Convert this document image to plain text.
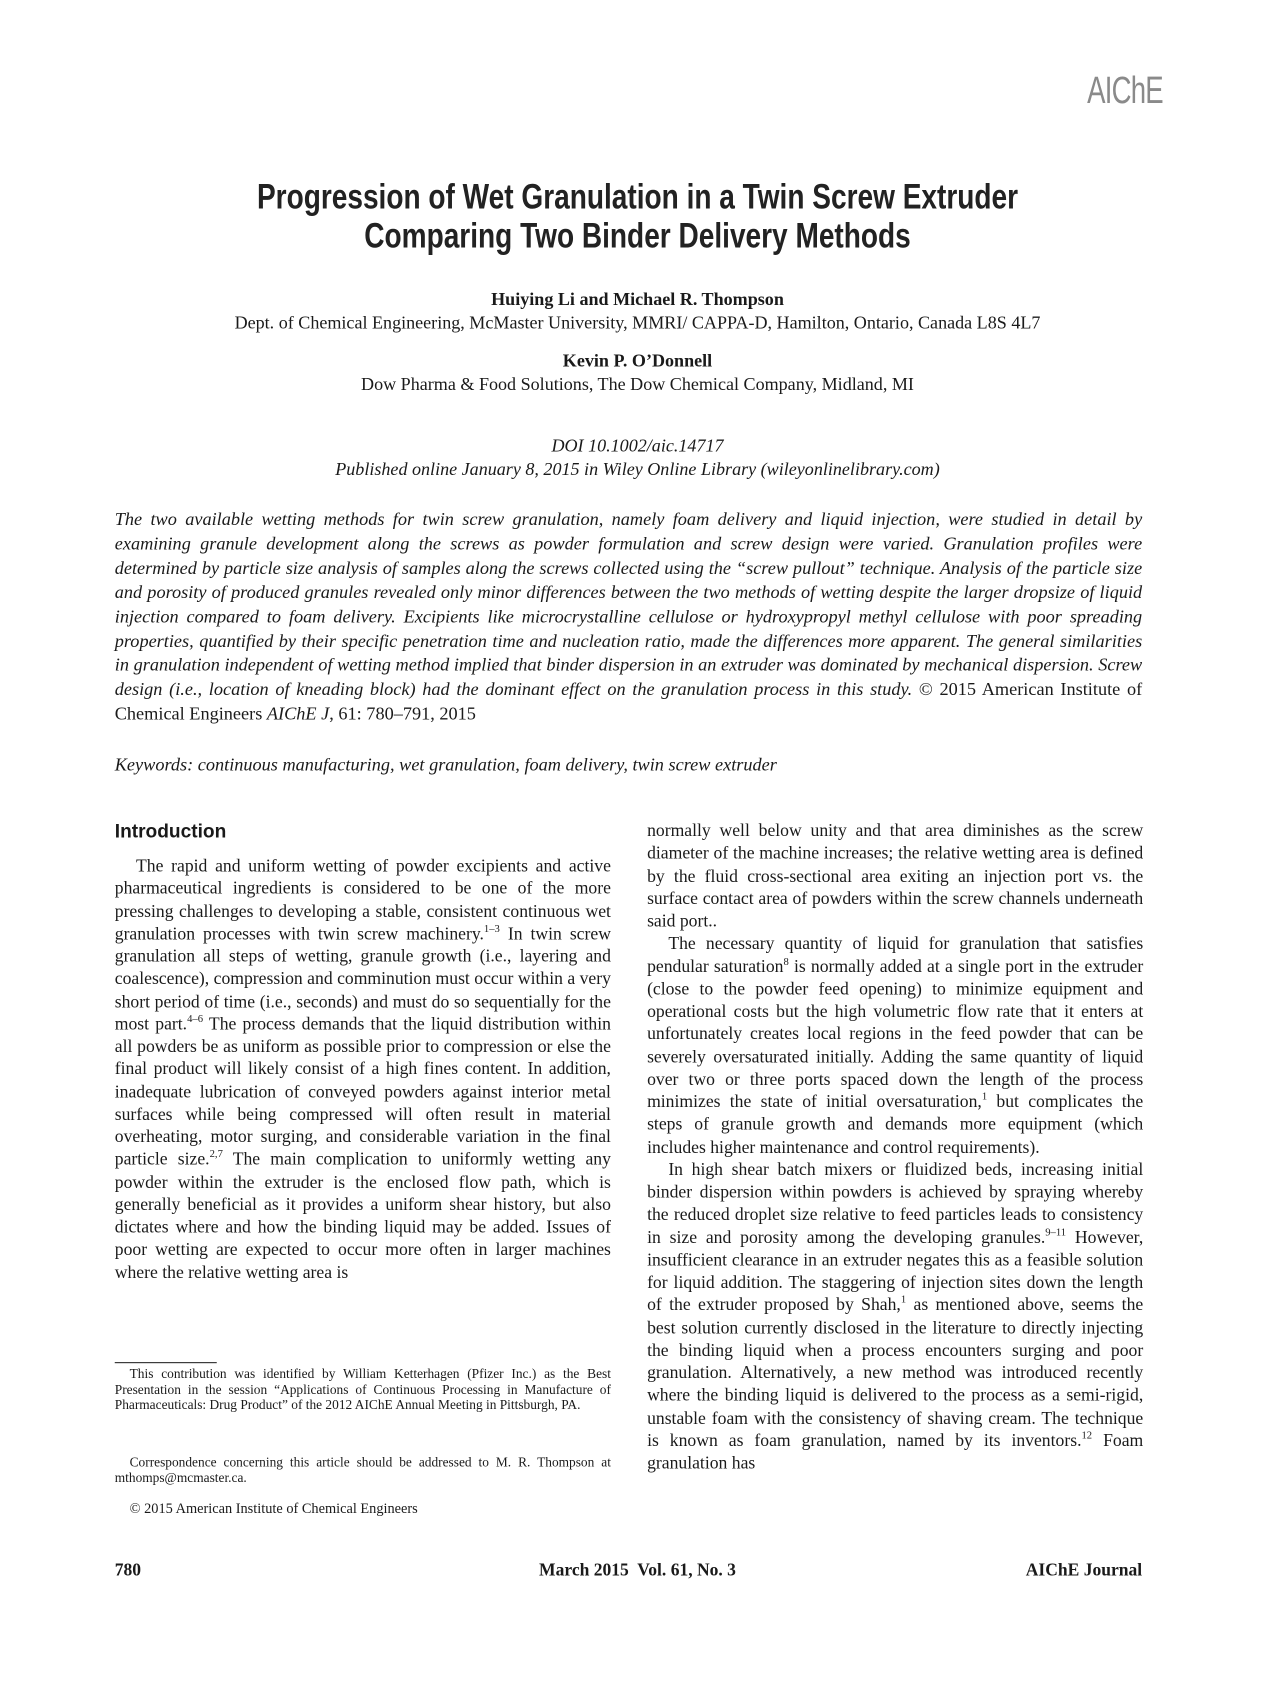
AIChE
Progression of Wet Granulation in a Twin Screw Extruder
Comparing Two Binder Delivery Methods
Huiying Li and Michael R. Thompson
Dept. of Chemical Engineering, McMaster University, MMRI/ CAPPA-D, Hamilton, Ontario, Canada L8S 4L7
Kevin P. O’Donnell
Dow Pharma & Food Solutions, The Dow Chemical Company, Midland, MI
DOI 10.1002/aic.14717
Published online January 8, 2015 in Wiley Online Library (wileyonlinelibrary.com)
The two available wetting methods for twin screw granulation, namely foam delivery and liquid injection, were studied in detail by examining granule development along the screws as powder formulation and screw design were varied. Granulation profiles were determined by particle size analysis of samples along the screws collected using the “screw pullout” technique. Analysis of the particle size and porosity of produced granules revealed only minor differences between the two methods of wetting despite the larger dropsize of liquid injection compared to foam delivery. Excipients like microcrystalline cellulose or hydroxypropyl methyl cellulose with poor spreading properties, quantified by their specific penetration time and nucleation ratio, made the differences more apparent. The general similarities in granulation independent of wetting method implied that binder dispersion in an extruder was dominated by mechanical dispersion. Screw design (i.e., location of kneading block) had the dominant effect on the granulation process in this study. © 2015 American Institute of Chemical Engineers AIChE J, 61: 780–791, 2015
Keywords: continuous manufacturing, wet granulation, foam delivery, twin screw extruder
Introduction

The rapid and uniform wetting of powder excipients and active pharmaceutical ingredients is considered to be one of the more pressing challenges to developing a stable, consistent continuous wet granulation processes with twin screw machinery.$^{\^{}1-3}$ In twin screw granulation all steps of wetting, granule growth (i.e., layering and coalescence), compression and comminution must occur within a very short period of time (i.e., seconds) and must do so sequentially for the most part.$^{\^{}4-6}$ The process demands that the liquid distribution within all powders be as uniform as possible prior to compression or else the final product will likely consist of a high fines content. In addition, inadequate lubrication of conveyed powders against interior metal surfaces while being compressed will often result in material overheating, motor surging, and considerable variation in the final particle size.$^{\^{}2,7}$ The main complication to uniformly wetting any powder within the extruder is the enclosed flow path, which is generally beneficial as it provides a uniform shear history, but also dictates where and how the binding liquid may be added. Issues of poor wetting are expected to occur more often in larger machines where the relative wetting area is

normally well below unity and that area diminishes as the screw diameter of the machine increases; the relative wetting area is defined by the fluid cross-sectional area exiting an injection port vs. the surface contact area of powders within the screw channels underneath said port..

The necessary quantity of liquid for granulation that satisfies pendular saturation$^{\^{}8}$ is normally added at a single port in the extruder (close to the powder feed opening) to minimize equipment and operational costs but the high volumetric flow rate that it enters at unfortunately creates local regions in the feed powder that can be severely oversaturated initially. Adding the same quantity of liquid over two or three ports spaced down the length of the process minimizes the state of initial oversaturation,$^{\^{}1}$ but complicates the steps of granule growth and demands more equipment (which includes higher maintenance and control requirements).

In high shear batch mixers or fluidized beds, increasing initial binder dispersion within powders is achieved by spraying whereby the reduced droplet size relative to feed particles leads to consistency in size and porosity among the developing granules.$^{\^{}9-11}$ However, insufficient clearance in an extruder negates this as a feasible solution for liquid addition. The staggering of injection sites down the length of the extruder proposed by Shah,$^{\^{}1}$ as mentioned above, seems the best solution currently disclosed in the literature to directly injecting the binding liquid when a process encounters surging and poor granulation. Alternatively, a new method was introduced recently where the binding liquid is delivered to the process as a semi-rigid, unstable foam with the consistency of shaving cream. The technique is known as foam granulation, named by its inventors.$^{\^{}12}$ Foam granulation has

This contribution was identified by William Ketterhagen (Pfizer Inc.) as the Best Presentation in the session “Applications of Continuous Processing in Manufacture of Pharmaceuticals: Drug Product” of the 2012 AIChE Annual Meeting in Pittsburgh, PA.

Correspondence concerning this article should be addressed to M. R. Thompson at mthomps@mcmaster.ca.

© 2015 American Institute of Chemical Engineers

780	March 2015  Vol. 61, No. 3	AIChE Journal
